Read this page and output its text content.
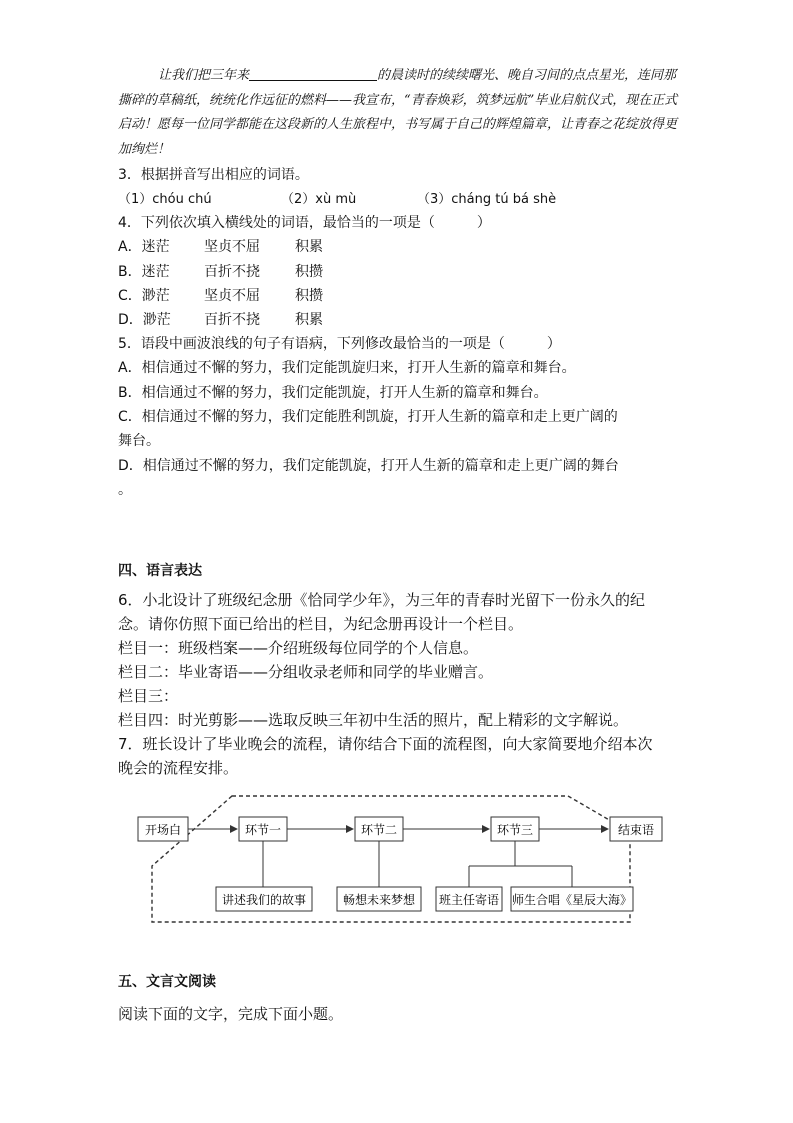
让我们把三年来	的晨读时的续续曙光、晚自习间的点点星光，连同那撕碎的草稿纸，统统化作远征的燃料——我宣布，“青春焕彩，筑梦远航”毕业启航仪式，现在正式启动！愿每一位同学都能在这段新的人生旅程中，书写属于自己的辉煌篇章，让青春之花绽放得更加绚烂！

3．根据拼音写出相应的词语。
（1）chóu chú	（2）xù mù	（3）cháng tú bá shè
4．下列依次填入横线处的词语，最恰当的一项是（　　　）
A．迷茫 坚贞不屈	积累
B．迷茫 百折不挠	积攒
C．渺茫 坚贞不屈	积攒
D．渺茫 百折不挠	积累
5．语段中画波浪线的句子有语病，下列修改最恰当的一项是（　　　）
A．相信通过不懈的努力，我们定能凯旋归来，打开人生新的篇章和舞台。
B．相信通过不懈的努力，我们定能凯旋，打开人生新的篇章和舞台。
C．相信通过不懈的努力，我们定能胜利凯旋，打开人生新的篇章和走上更广阔的
舞台。
D．相信通过不懈的努力，我们定能凯旋，打开人生新的篇章和走上更广阔的舞台
。
四、语言表达

6．小北设计了班级纪念册《恰同学少年》，为三年的青春时光留下一份永久的纪

念。请你仿照下面已给出的栏目，为纪念册再设计一个栏目。

栏目一：班级档案——介绍班级每位同学的个人信息。

栏目二：毕业寄语——分组收录老师和同学的毕业赠言。

栏目三：

栏目四：时光剪影——选取反映三年初中生活的照片，配上精彩的文字解说。

7．班长设计了毕业晚会的流程，请你结合下面的流程图，向大家简要地介绍本次

晚会的流程安排。

开场白	环节一	环节二	环节三	结束语
讲述我们的故事	畅想未来梦想 班主任寄语 师生合唱《星辰大海》
五、文言文阅读
阅读下面的文字，完成下面小题。
